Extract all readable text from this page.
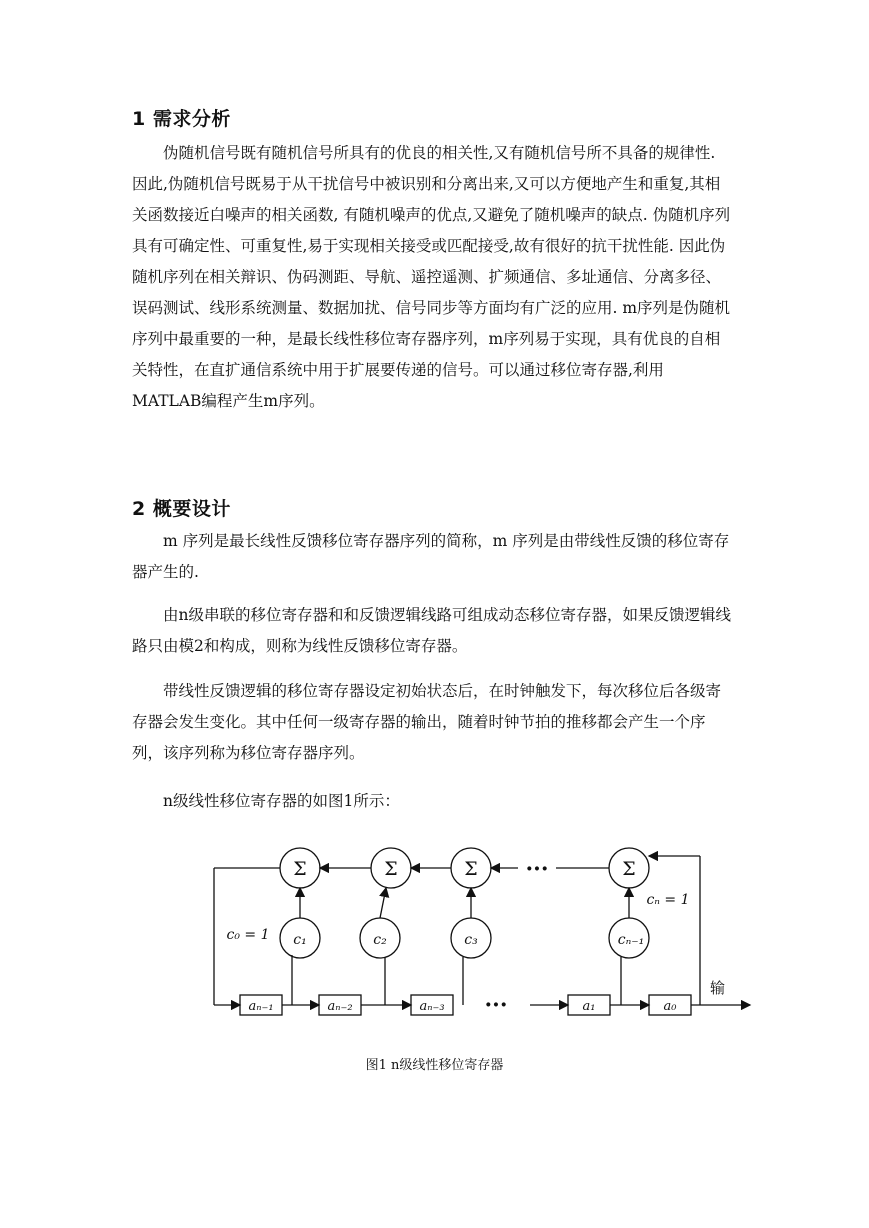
1 需求分析

伪随机信号既有随机信号所具有的优良的相关性,又有随机信号所不具备的规律性. 因此,伪随机信号既易于从干扰信号中被识别和分离出来,又可以方便地产生和重复,其相关函数接近白噪声的相关函数, 有随机噪声的优点,又避免了随机噪声的缺点. 伪随机序列具有可确定性、可重复性,易于实现相关接受或匹配接受,故有很好的抗干扰性能. 因此伪随机序列在相关辩识、伪码测距、导航、遥控遥测、扩频通信、多址通信、分离多径、误码测试、线形系统测量、数据加扰、信号同步等方面均有广泛的应用. m序列是伪随机序列中最重要的一种，是最长线性移位寄存器序列，m序列易于实现，具有优良的自相关特性，在直扩通信系统中用于扩展要传递的信号。可以通过移位寄存器,利用MATLAB编程产生m序列。

2 概要设计

m 序列是最长线性反馈移位寄存器序列的简称，m 序列是由带线性反馈的移位寄存器产生的.

由n级串联的移位寄存器和和反馈逻辑线路可组成动态移位寄存器，如果反馈逻辑线路只由模2和构成，则称为线性反馈移位寄存器。

带线性反馈逻辑的移位寄存器设定初始状态后，在时钟触发下，每次移位后各级寄存器会发生变化。其中任何一级寄存器的输出，随着时钟节拍的推移都会产生一个序列，该序列称为移位寄存器序列。

n级线性移位寄存器的如图1所示：

Σ	Σ	Σ	Σ
···
···
c₁	c₂	c₃	cₙ₋₁
c₀ = 1
cₙ = 1
aₙ₋₁	aₙ₋₂	aₙ₋₃	a₁	a₀
输
图1 n级线性移位寄存器
